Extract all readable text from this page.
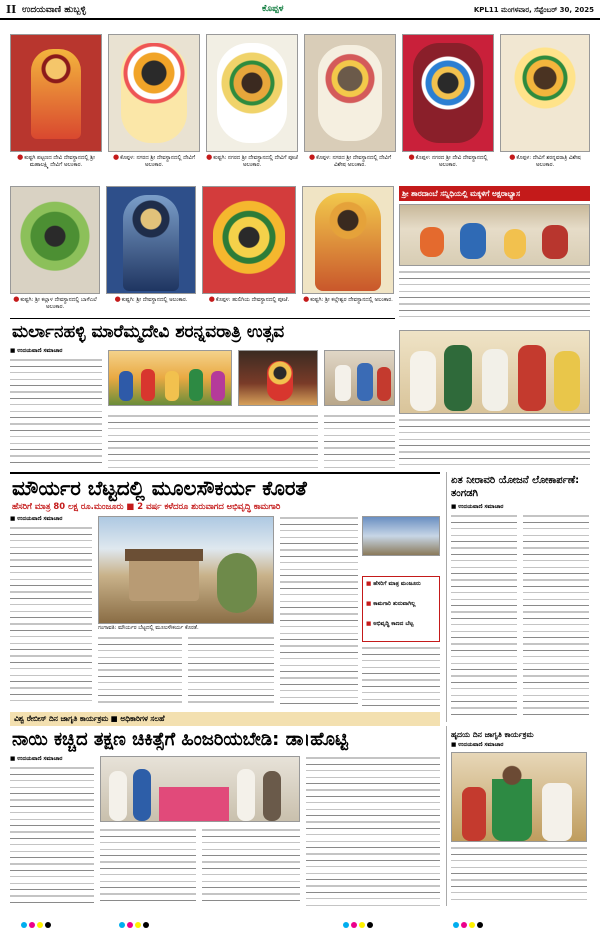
II ಉದಯವಾಣಿ ಹುಬ್ಬಳ್ಳಿ	ಕೊಪ್ಪಳ	KPL11 ಮಂಗಳವಾರ, ಸೆಪ್ಟೆಂಬರ್ 30, 2025
●ಕುಷ್ಟಗಿ ಪಟ್ಟಣದ ದೇವಿ ದೇವಸ್ಥಾನದಲ್ಲಿ ಶ್ರೀ ಮಹಾಲಕ್ಷ್ಮಿ ದೇವಿಗೆ ಅಲಂಕಾರ.
●ಕೊಪ್ಪಳ: ನಗರದ ಶ್ರೀ ದೇವಸ್ಥಾನದಲ್ಲಿ ದೇವಿಗೆ ಅಲಂಕಾರ.
●ಕುಷ್ಟಗಿ: ನಗರದ ಶ್ರೀ ದೇವಸ್ಥಾನದಲ್ಲಿ ದೇವಿಗೆ ಪೂಜೆ ಅಲಂಕಾರ.
●ಕೊಪ್ಪಳ: ನಗರದ ಶ್ರೀ ದೇವಸ್ಥಾನದಲ್ಲಿ ದೇವಿಗೆ ವಿಶೇಷ ಅಲಂಕಾರ.
●ಕೊಪ್ಪಳ: ನಗರದ ಶ್ರೀ ದೇವಿ ದೇವಸ್ಥಾನದಲ್ಲಿ ಅಲಂಕಾರ.
●ಕೊಪ್ಪಳ: ದೇವಿಗೆ ಶರನ್ನವರಾತ್ರಿ ವಿಶೇಷ ಅಲಂಕಾರ.
●ಕುಷ್ಟಗಿ: ಶ್ರೀ ಕಲ್ಲಾಳ ದೇವಸ್ಥಾನದಲ್ಲಿ ಬಾಳೆಎಲೆ ಅಲಂಕಾರ.
●ಕುಷ್ಟಗಿ: ಶ್ರೀ ದೇವಸ್ಥಾನದಲ್ಲಿ ಅಲಂಕಾರ.	●ಕೊಪ್ಪಳ: ಹುಲಿಗಿಯ ದೇವಸ್ಥಾನದಲ್ಲಿ ಪೂಜೆ.	●ಕುಷ್ಟಗಿ: ಶ್ರೀ ಕಲ್ಲೇಶ್ವರ ದೇವಸ್ಥಾನದಲ್ಲಿ ಅಲಂಕಾರ.
ಶ್ರೀ ಶಾರದಾಂಬೆ ಸನ್ನಿಧಿಯಲ್ಲಿ ಮಕ್ಕಳಿಗೆ ಅಕ್ಷರಾಭ್ಯಾಸ
ಮರ್ಲಾನಹಳ್ಳಿ ಮಾರೆಮ್ಮದೇವಿ ಶರನ್ನವರಾತ್ರಿ ಉತ್ಸವ
■ ಉದಯವಾಣಿ ಸಮಾಚಾರ
ಮೌರ್ಯರ ಬೆಟ್ಟದಲ್ಲಿ ಮೂಲಸೌಕರ್ಯ ಕೊರತೆ
ಹೆಸರಿಗೆ ಮಾತ್ರ 80 ಲಕ್ಷ ರೂ.ಮಂಜೂರು ■ 2 ವರ್ಷ ಕಳೆದರೂ ಶುರುವಾಗದ ಅಭಿವೃದ್ಧಿ ಕಾಮಗಾರಿ
■ ಉದಯವಾಣಿ ಸಮಾಚಾರ
ಗಂಗಾವತಿ: ಮೌರ್ಯರ ಬೆಟ್ಟದಲ್ಲಿ ಮೂಲಸೌಕರ್ಯ ಕೊರತೆ.
■ ಹೆಸರಿಗೆ ಮಾತ್ರ ಮಂಜೂರು
■ ಕಾಮಗಾರಿ ಶುರುವಾಗಿಲ್ಲ
■ ಅಭಿವೃದ್ಧಿ ಕಾಣದ ಬೆಟ್ಟ
ಏತ ನೀರಾವರಿ ಯೋಜನೆ ಲೋಕಾರ್ಪಣೆ: ತಂಗಡಗಿ
■ ಉದಯವಾಣಿ ಸಮಾಚಾರ
ವಿಶ್ವ ರೇಬೀಸ್ ದಿನ ಜಾಗೃತಿ ಕಾರ್ಯಕ್ರಮ ■ ಅಧಿಕಾರಿಗಳ ಸಲಹೆ
ನಾಯಿ ಕಚ್ಚಿದ ತಕ್ಷಣ ಚಿಕಿತ್ಸೆಗೆ ಹಿಂಜರಿಯಬೇಡಿ: ಡಾ।ಹೊಟ್ಟಿ
■ ಉದಯವಾಣಿ ಸಮಾಚಾರ
ಹೃದಯ ದಿನ ಜಾಗೃತಿ ಕಾರ್ಯಕ್ರಮ
■ ಉದಯವಾಣಿ ಸಮಾಚಾರ
